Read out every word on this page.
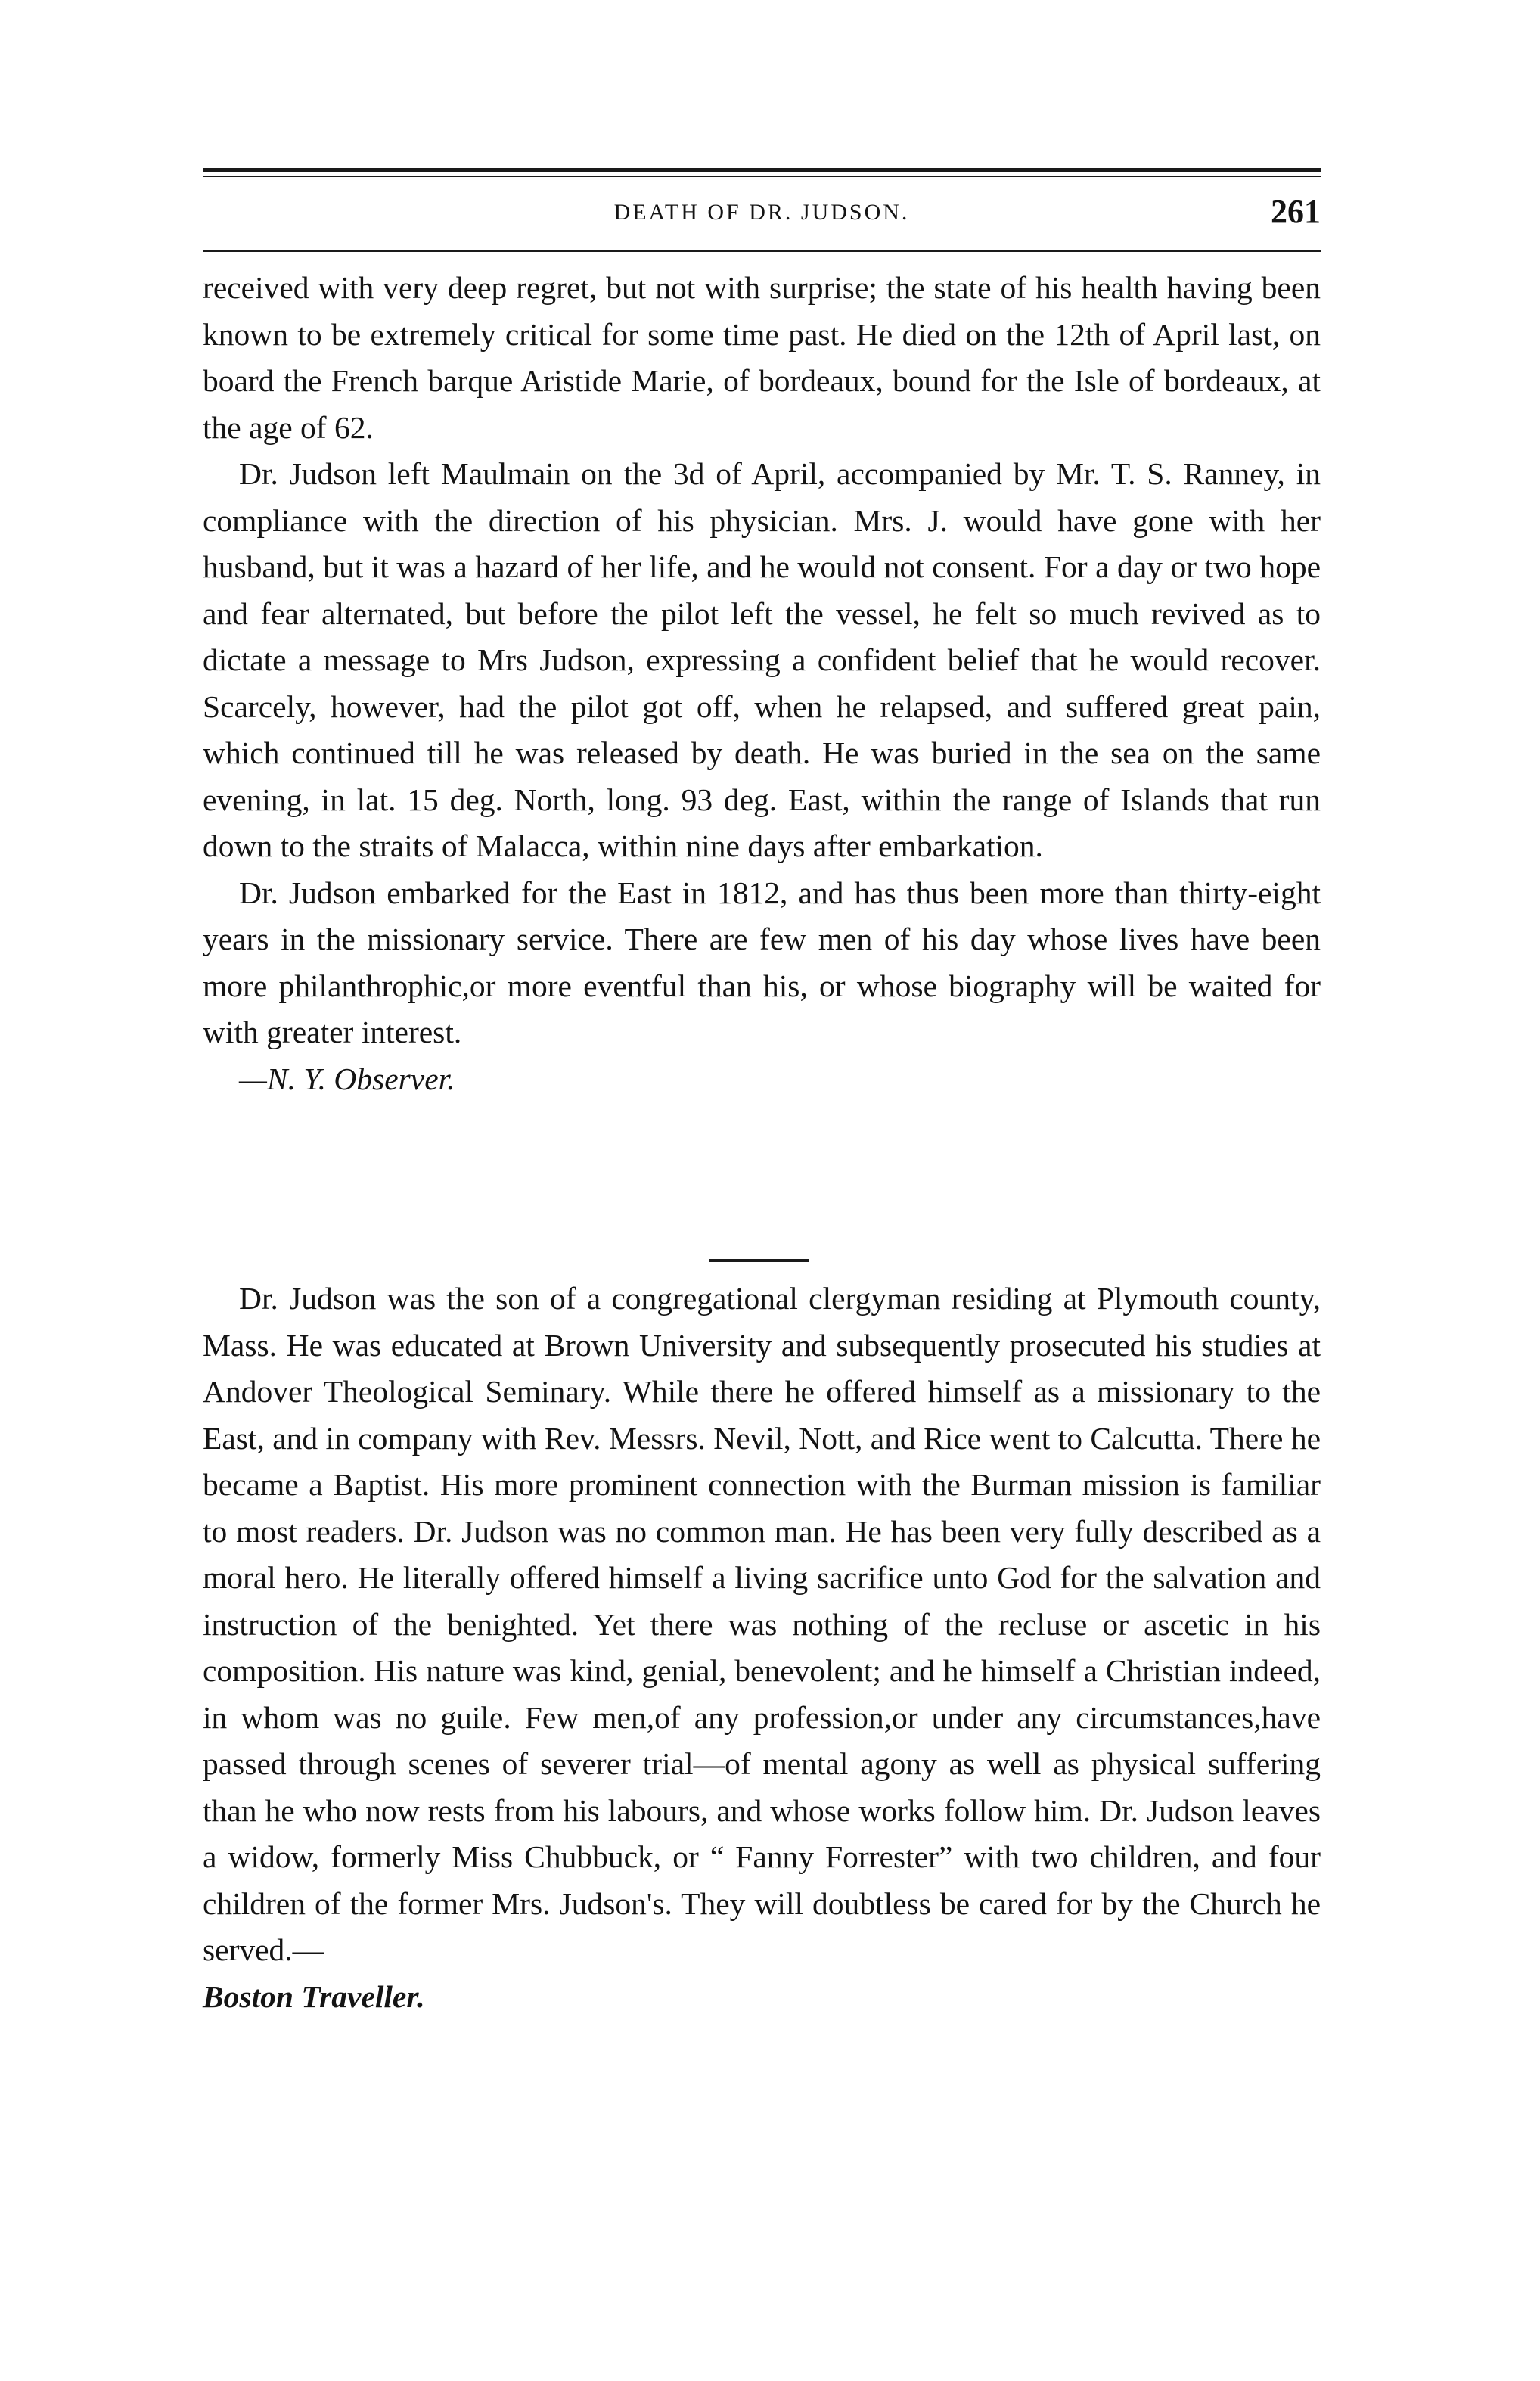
DEATH OF DR. JUDSON.	261

received with very deep regret, but not with surprise; the state of his health having been known to be extremely critical for some time past. He died on the 12th of April last, on board the French barque Aristide Marie, of bordeaux, bound for the Isle of bordeaux, at the age of 62.

Dr. Judson left Maulmain on the 3d of April, accompanied by Mr. T. S. Ranney, in compliance with the direction of his physician. Mrs. J. would have gone with her husband, but it was a hazard of her life, and he would not consent. For a day or two hope and fear alternated, but before the pilot left the vessel, he felt so much revived as to dictate a message to Mrs Judson, expressing a confident belief that he would recover. Scarcely, however, had the pilot got off, when he relapsed, and suffered great pain, which continued till he was released by death. He was buried in the sea on the same evening, in lat. 15 deg. North, long. 93 deg. East, within the range of Islands that run down to the straits of Malacca, within nine days after embarkation.

Dr. Judson embarked for the East in 1812, and has thus been more than thirty-eight years in the missionary service. There are few men of his day whose lives have been more philanthrophic,or more eventful than his, or whose biography will be waited for with greater interest.

—N. Y. Observer.

Dr. Judson was the son of a congregational clergyman residing at Plymouth county, Mass. He was educated at Brown University and subsequently prosecuted his studies at Andover Theological Seminary. While there he offered himself as a missionary to the East, and in company with Rev. Messrs. Nevil, Nott, and Rice went to Calcutta. There he became a Baptist. His more prominent connection with the Burman mission is familiar to most readers. Dr. Judson was no common man. He has been very fully described as a moral hero. He literally offered himself a living sacrifice unto God for the salvation and instruction of the benighted. Yet there was nothing of the recluse or ascetic in his composition. His nature was kind, genial, benevolent; and he himself a Christian indeed, in whom was no guile. Few men,of any profession,or under any circumstances,have passed through scenes of severer trial—of mental agony as well as physical suffering than he who now rests from his labours, and whose works follow him. Dr. Judson leaves a widow, formerly Miss Chubbuck, or “ Fanny Forrester” with two children, and four children of the former Mrs. Judson's. They will doubtless be cared for by the Church he served.—

Boston Traveller.
